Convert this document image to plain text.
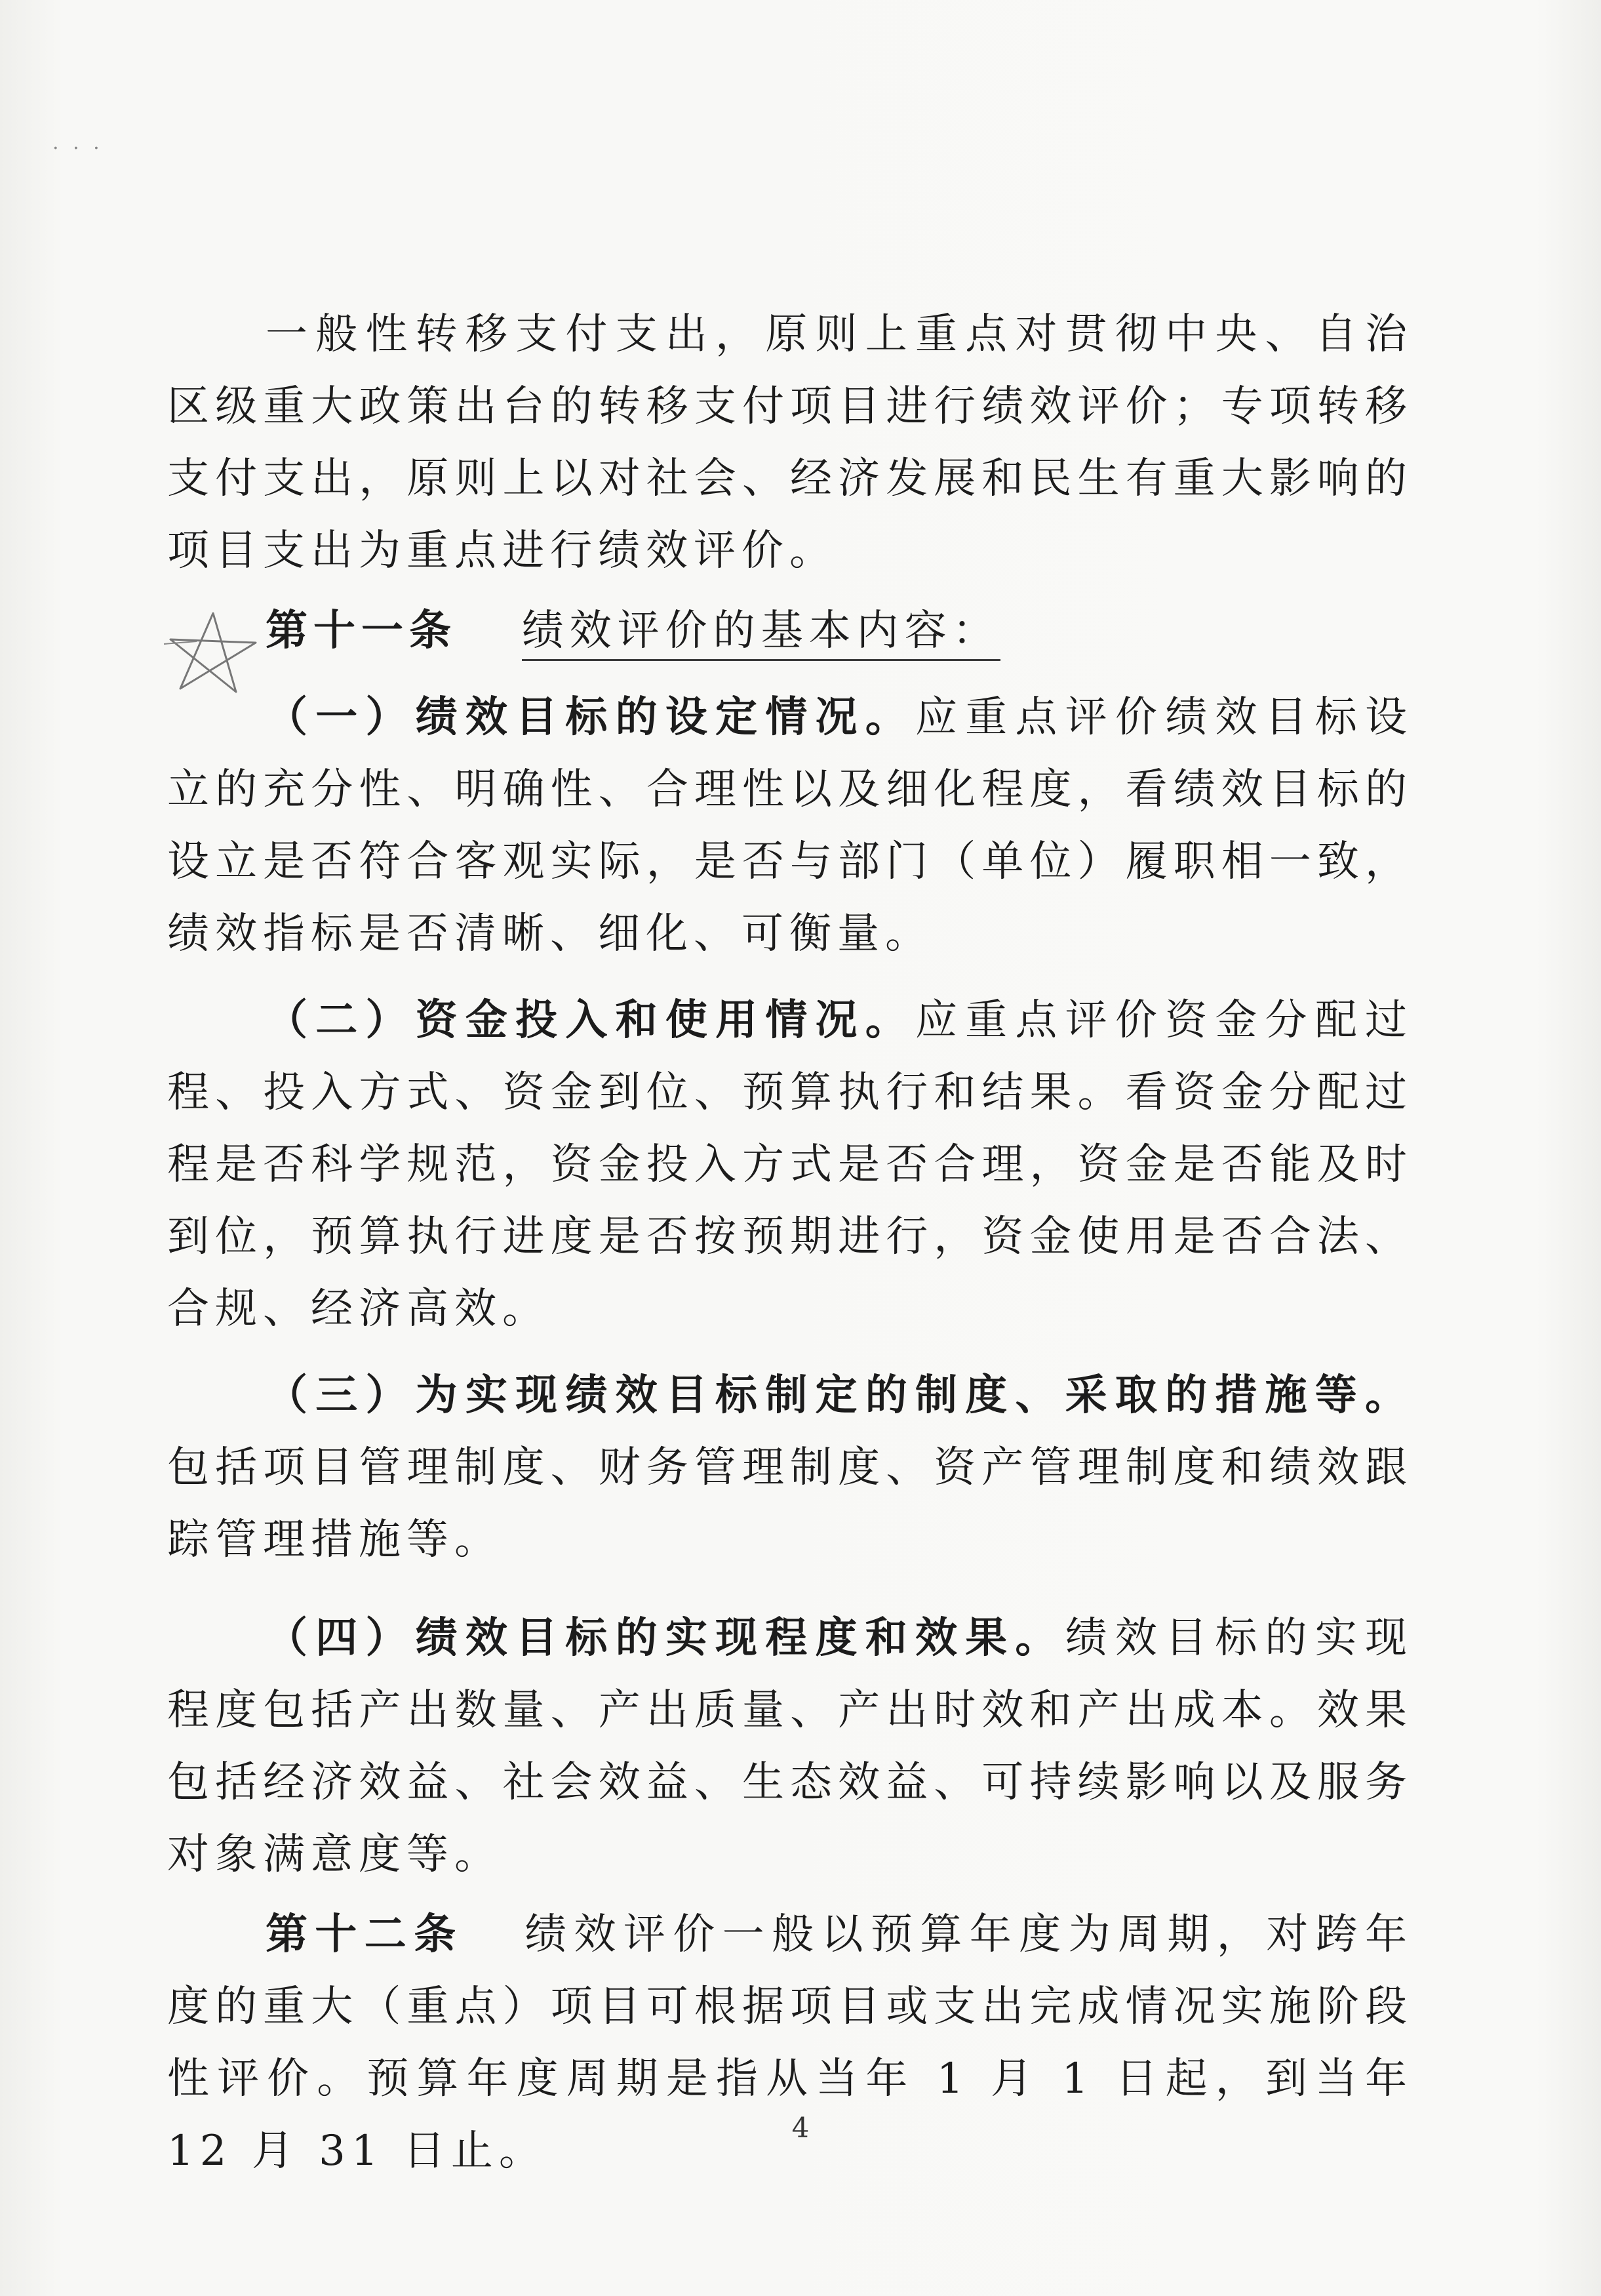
. . .

一般性转移支付支出，原则上重点对贯彻中央、自治区级重大政策出台的转移支付项目进行绩效评价；专项转移支付支出，原则上以对社会、经济发展和民生有重大影响的项目支出为重点进行绩效评价。

第十一条 绩效评价的基本内容：

（一）绩效目标的设定情况。应重点评价绩效目标设立的充分性、明确性、合理性以及细化程度，看绩效目标的设立是否符合客观实际，是否与部门（单位）履职相一致，绩效指标是否清晰、细化、可衡量。

（二）资金投入和使用情况。应重点评价资金分配过程、投入方式、资金到位、预算执行和结果。看资金分配过程是否科学规范，资金投入方式是否合理，资金是否能及时到位，预算执行进度是否按预期进行，资金使用是否合法、合规、经济高效。

（三）为实现绩效目标制定的制度、采取的措施等。包括项目管理制度、财务管理制度、资产管理制度和绩效跟踪管理措施等。

（四）绩效目标的实现程度和效果。绩效目标的实现程度包括产出数量、产出质量、产出时效和产出成本。效果包括经济效益、社会效益、生态效益、可持续影响以及服务对象满意度等。

第十二条 绩效评价一般以预算年度为周期，对跨年度的重大（重点）项目可根据项目或支出完成情况实施阶段性评价。预算年度周期是指从当年 1 月 1 日起，到当年 12 月 31 日止。	4
